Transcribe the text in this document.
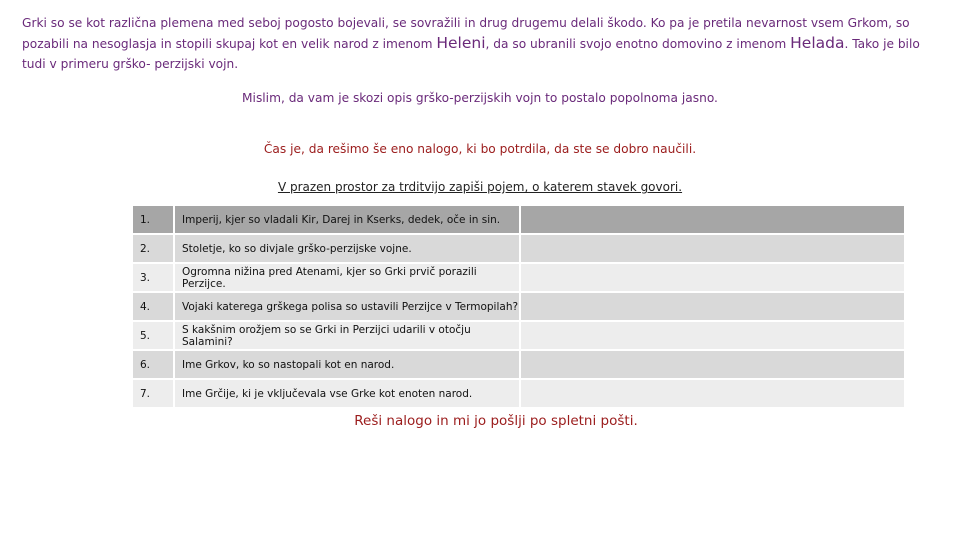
Grki so se kot različna plemena med seboj pogosto bojevali, se sovražili in drug drugemu delali škodo. Ko pa je pretila nevarnost vsem Grkom, so pozabili na nesoglasja in stopili skupaj kot en velik narod z imenom Heleni, da so ubranili svojo enotno domovino z imenom Helada. Tako je bilo tudi v primeru grško- perzijski vojn.
Mislim, da vam je skozi opis grško-perzijskih vojn to postalo popolnoma jasno.
Čas je, da rešimo še eno nalogo, ki bo potrdila, da ste se dobro naučili.
V prazen prostor za trditvijo zapiši pojem, o katerem stavek govori.
1.	Imperij, kjer so vladali Kir, Darej in Kserks, dedek, oče in sin.	
2.	Stoletje, ko so divjale grško-perzijske vojne.	
3.	Ogromna nižina pred Atenami, kjer so Grki prvič porazili Perzijce.	
4.	Vojaki katerega grškega polisa so ustavili Perzijce v Termopilah?	
5.	S kakšnim orožjem so se Grki in Perzijci udarili v otočju Salamini?	
6.	Ime Grkov, ko so nastopali kot en narod.	
7.	Ime Grčije, ki je vključevala vse Grke kot enoten narod.	
Reši nalogo in mi jo pošlji po spletni pošti.
